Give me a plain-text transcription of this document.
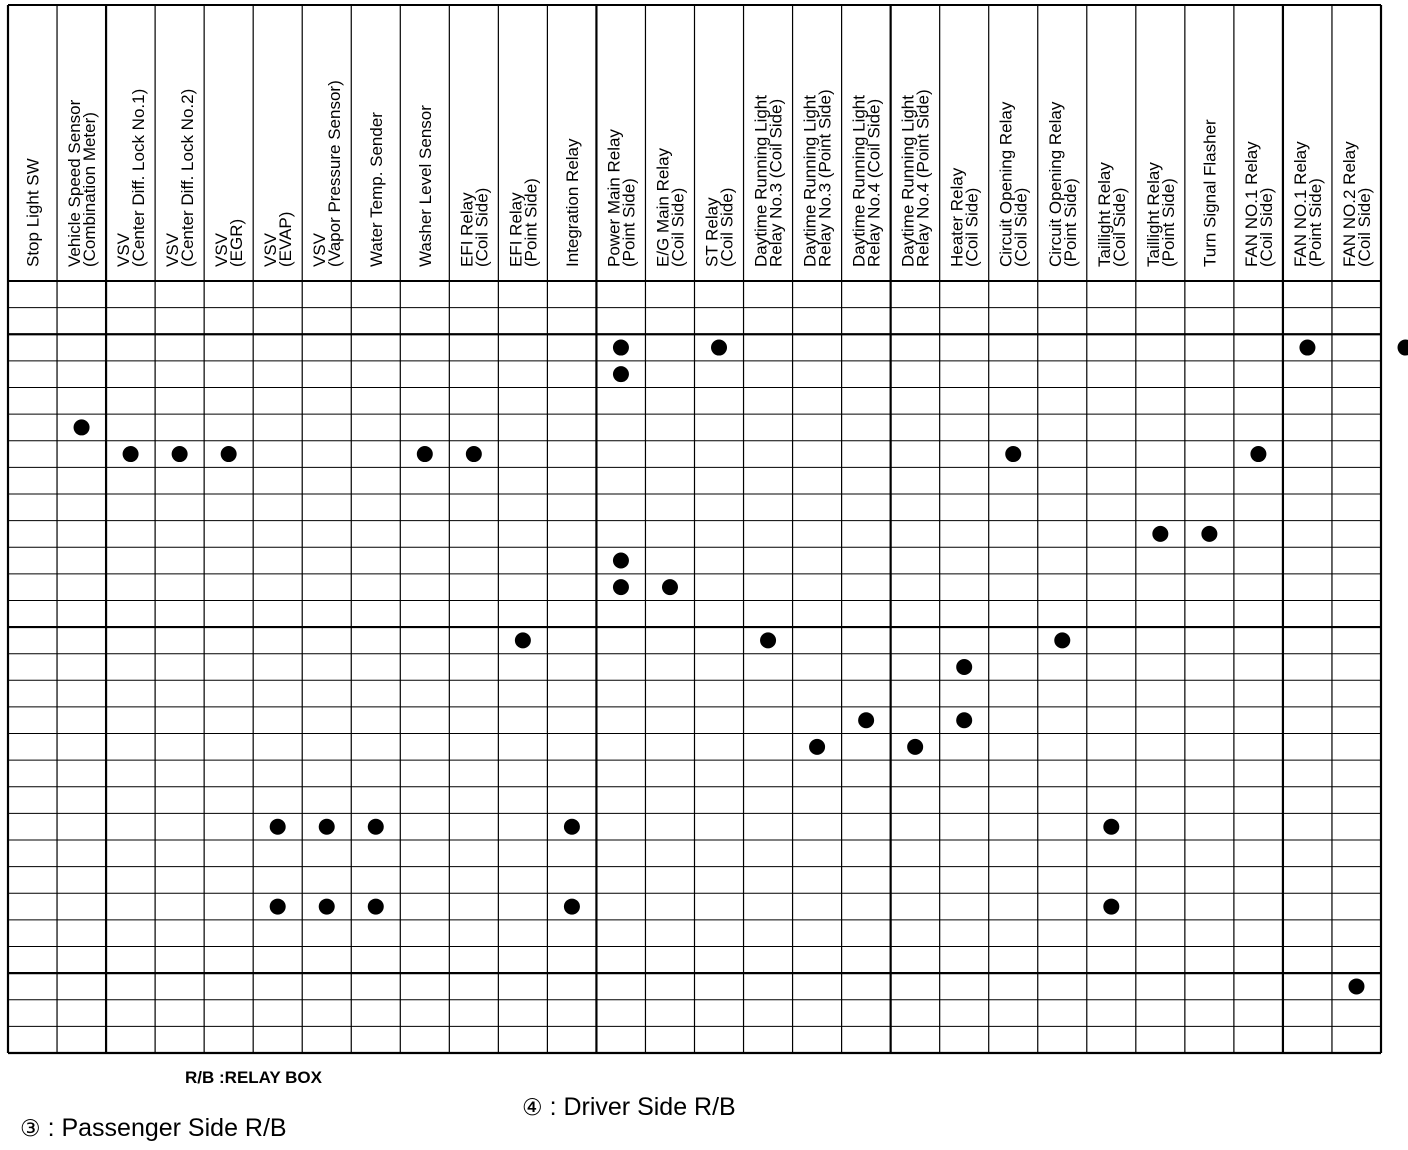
Stop Light SW Vehicle Speed Sensor
(Combination Meter) VSV
(Center Diff. Lock No.1) VSV
(Center Diff. Lock No.2) VSV
(EGR) VSV
(EVAP) VSV
(Vapor Pressure Sensor) Water Temp. Sender Washer Level Sensor EFI Relay
(Coil Side) EFI Relay
(Point Side) Integration Relay Power Main Relay
(Point Side) E/G Main Relay
(Coil Side) ST Relay
(Coil Side) Daytime Running Light
Relay No.3 (Coil Side) Daytime Running Light
Relay No.3 (Point Side) Daytime Running Light
Relay No.4 (Coil Side) Daytime Running Light
Relay No.4 (Point Side) Heater Relay
(Coil Side) Circuit Opening Relay
(Coil Side) Circuit Opening Relay
(Point Side) Taillight Relay
(Coil Side) Taillight Relay
(Point Side) Turn Signal Flasher FAN NO.1 Relay
(Coil Side) FAN NO.1 Relay
(Point Side) FAN NO.2 Relay
(Coil Side)
R/B :RELAY BOX
③ : Passenger Side R/B
④ : Driver Side R/B
